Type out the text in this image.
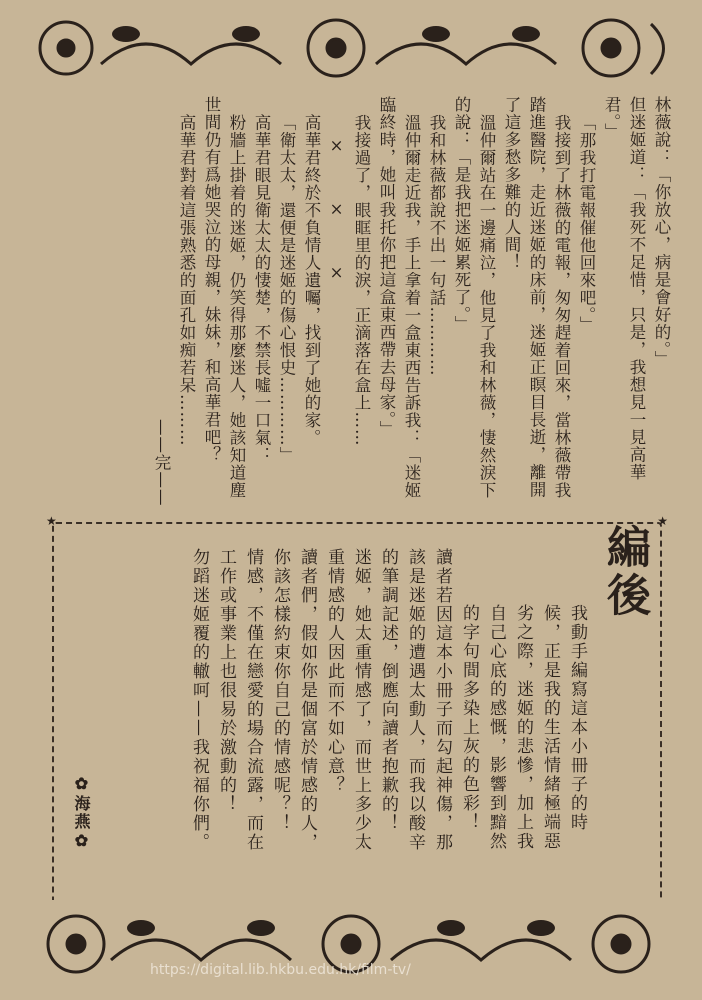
林薇說：「你放心，病是會好的。」

但迷姬道：「我死不足惜，只是，我想見一見高華君。」

「那我打電報催他回來吧。」

我接到了林薇的電報，匆匆趕着回來，當林薇帶我踏進醫院，走近迷姬的床前，迷姬正瞑目長逝，離開了這多愁多難的人間！

溫仲爾站在一邊痛泣，他見了我和林薇，悽然淚下的說：「是我把迷姬累死了。」

我和林薇都說不出一句話…………

溫仲爾走近我，手上拿着一盒東西告訴我：「迷姬臨終時，她叫我托你把這盒東西帶去母家。」

我接過了，眼眶里的淚，正滴落在盒上……

×　×　×

高華君終於不負情人遺囑，找到了她的家。

「衛太太，還便是迷姬的傷心恨史…………」

高華君眼見衛太太的悽楚，不禁長噓一口氣：

粉牆上掛着的迷姬，仍笑得那麼迷人，她該知道塵世間仍有爲她哭泣的母親，妹妹，和高華君吧？

高華君對着這張熟悉的面孔如痴若呆………

——完——

★	★
編後

我動手編寫這本小冊子的時候，正是我的生活情緒極端惡劣之際，迷姬的悲慘，加上我自己心底的感慨，影響到黯然的字句間多染上灰的色彩！

讀者若因這本小冊子而勾起神傷，那該是迷姬的遭遇太動人，而我以酸辛的筆調記述，倒應向讀者抱歉的！

迷姬，她太重情感了，而世上多少太重情感的人因此而不如心意？

讀者們，假如你是個富於情感的人，你該怎樣約束你自己的情感呢？！

情感，不僅在戀愛的場合流露，而在工作或事業上也很易於激動的！

勿蹈迷姬覆的轍呵——我祝福你們。

✿海燕✿
https://digital.lib.hkbu.edu.hk/film-tv/
